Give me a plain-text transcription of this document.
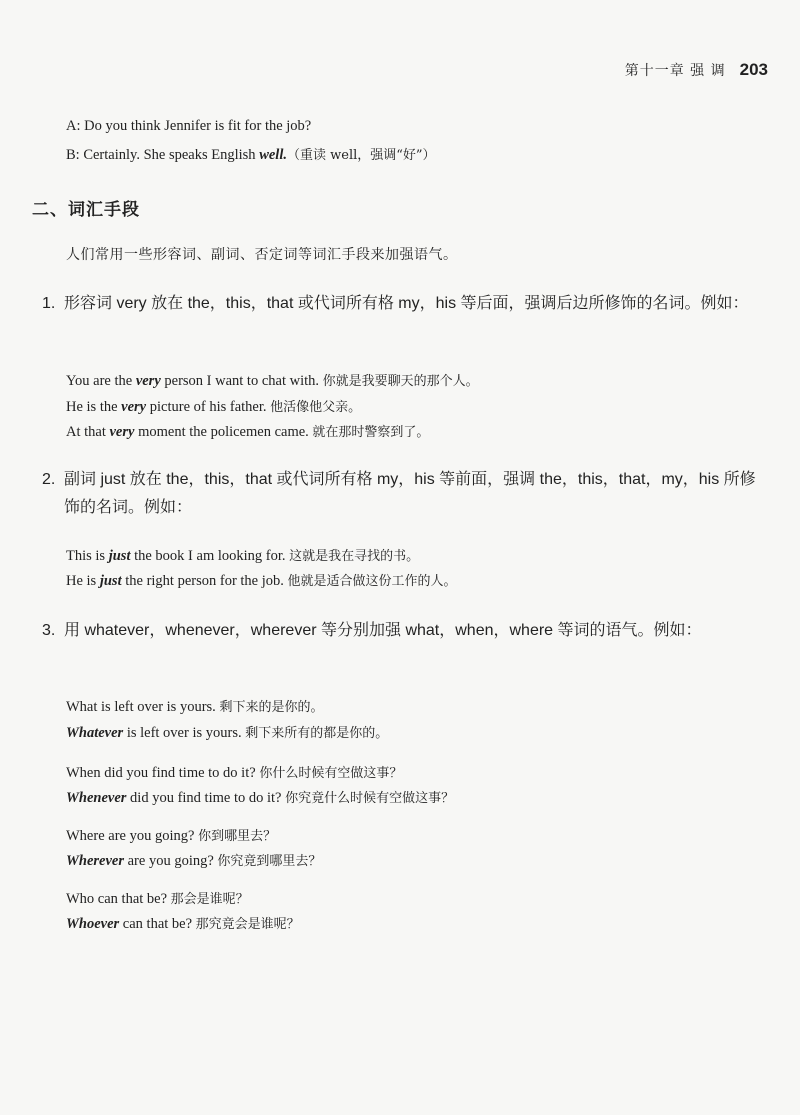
第十一章 强 调 203
A: Do you think Jennifer is fit for the job?
B: Certainly. She speaks English well.（重读 well，强调“好”）
二、词汇手段
人们常用一些形容词、副词、否定词等词汇手段来加强语气。
1. 形容词 very 放在 the，this，that 或代词所有格 my，his 等后面，强调后边所修饰的名词。例如：
You are the very person I want to chat with. 你就是我要聊天的那个人。
He is the very picture of his father. 他活像他父亲。
At that very moment the policemen came. 就在那时警察到了。
2. 副词 just 放在 the，this，that 或代词所有格 my，his 等前面，强调 the，this，that，my，his 所修饰的名词。例如：
This is just the book I am looking for. 这就是我在寻找的书。
He is just the right person for the job. 他就是适合做这份工作的人。
3. 用 whatever，whenever，wherever 等分别加强 what，when，where 等词的语气。例如：
What is left over is yours. 剩下来的是你的。
Whatever is left over is yours. 剩下来所有的都是你的。
When did you find time to do it? 你什么时候有空做这事？
Whenever did you find time to do it? 你究竟什么时候有空做这事？
Where are you going? 你到哪里去？
Wherever are you going? 你究竟到哪里去？
Who can that be? 那会是谁呢？
Whoever can that be? 那究竟会是谁呢？
